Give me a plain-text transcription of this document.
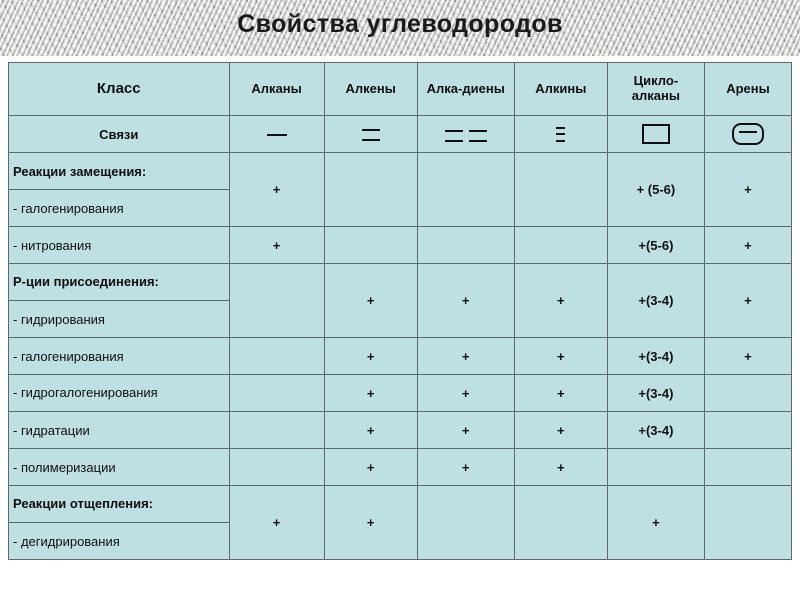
Свойства углеводородов
Класс	Алканы	Алкены	Алка-диены	Алкины	Цикло-алканы	Арены
Связи						
Реакции замещения:	+				+ (5-6)	+
- галогенирования						
- нитрования	+				+(5-6)	+
Р-ции присоединения:		+	+	+	+(3-4)	+
- гидрирования						
- галогенирования		+	+	+	+(3-4)	+
- гидрогалогенирования		+	+	+	+(3-4)	
- гидратации		+	+	+	+(3-4)	
- полимеризации		+	+	+		
Реакции отщепления:	+	+			+	
- дегидрирования						
